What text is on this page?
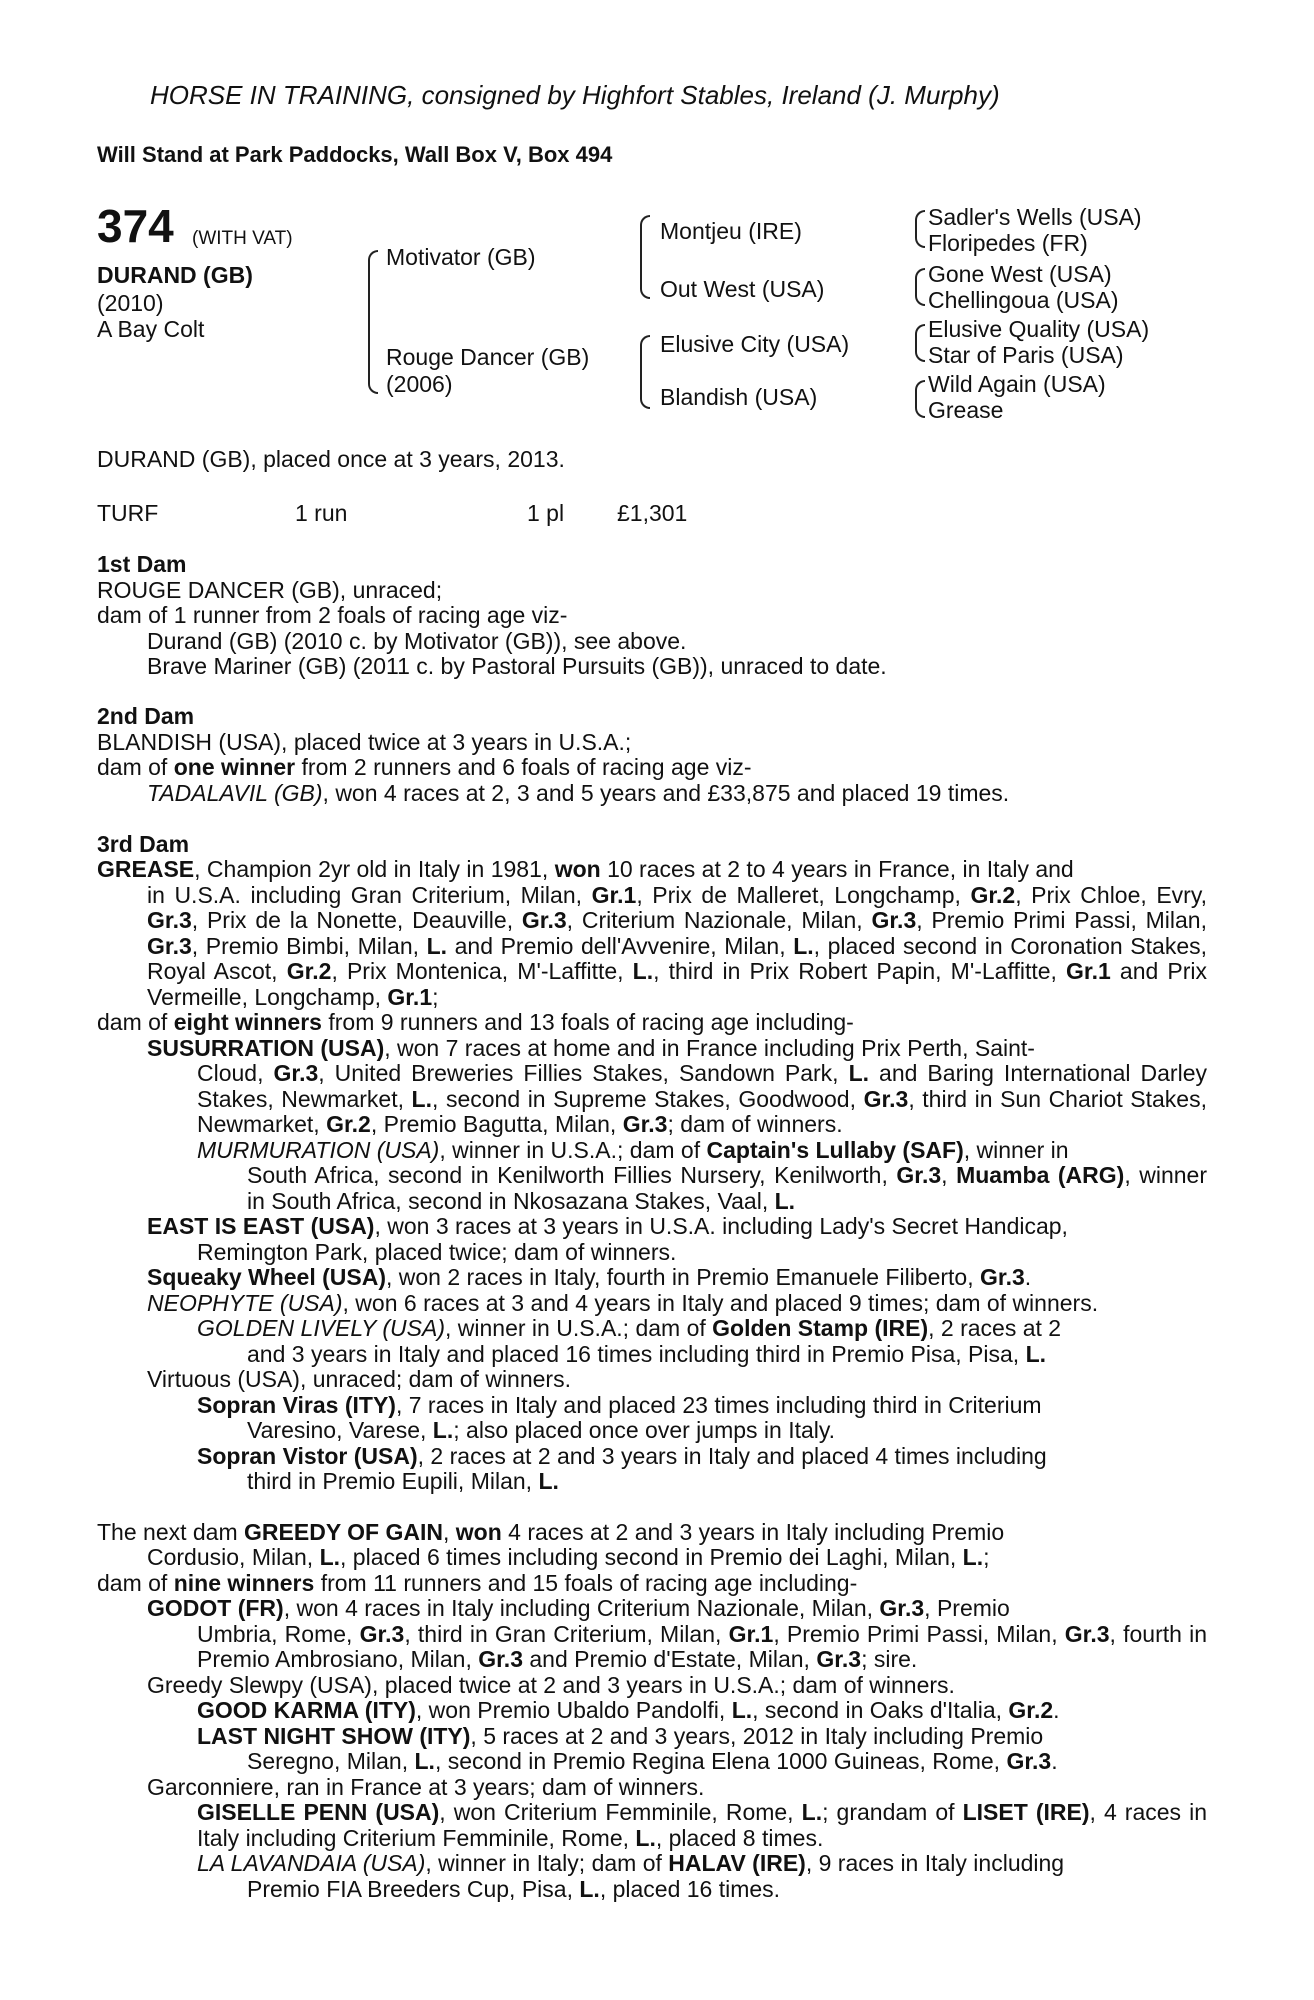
HORSE IN TRAINING, consigned by Highfort Stables, Ireland (J. Murphy)
Will Stand at Park Paddocks, Wall Box V, Box 494
374 (WITH VAT)
DURAND (GB)
(2010)
A Bay Colt
Motivator (GB)
Rouge Dancer (GB)
(2006)
Montjeu (IRE)
Out West (USA)
Elusive City (USA)
Blandish (USA)
Sadler's Wells (USA)
Floripedes (FR)
Gone West (USA)
Chellingoua (USA)
Elusive Quality (USA)
Star of Paris (USA)
Wild Again (USA)
Grease
DURAND (GB), placed once at 3 years, 2013.
TURF	1 run	1 pl £1,301
1st Dam
ROUGE DANCER (GB), unraced;
dam of 1 runner from 2 foals of racing age viz-
Durand (GB) (2010 c. by Motivator (GB)), see above.
Brave Mariner (GB) (2011 c. by Pastoral Pursuits (GB)), unraced to date.
2nd Dam
BLANDISH (USA), placed twice at 3 years in U.S.A.;
dam of one winner from 2 runners and 6 foals of racing age viz-
TADALAVIL (GB), won 4 races at 2, 3 and 5 years and £33,875 and placed 19 times.
3rd Dam
GREASE, Champion 2yr old in Italy in 1981, won 10 races at 2 to 4 years in France, in Italy and
in U.S.A. including Gran Criterium, Milan, Gr.1, Prix de Malleret, Longchamp, Gr.2, Prix Chloe, Evry, Gr.3, Prix de la Nonette, Deauville, Gr.3, Criterium Nazionale, Milan, Gr.3, Premio Primi Passi, Milan, Gr.3, Premio Bimbi, Milan, L. and Premio dell'Avvenire, Milan, L., placed second in Coronation Stakes, Royal Ascot, Gr.2, Prix Montenica, M'-Laffitte, L., third in Prix Robert Papin, M'-Laffitte, Gr.1 and Prix Vermeille, Longchamp, Gr.1;
dam of eight winners from 9 runners and 13 foals of racing age including-
SUSURRATION (USA), won 7 races at home and in France including Prix Perth, Saint-
Cloud, Gr.3, United Breweries Fillies Stakes, Sandown Park, L. and Baring International Darley Stakes, Newmarket, L., second in Supreme Stakes, Goodwood, Gr.3, third in Sun Chariot Stakes, Newmarket, Gr.2, Premio Bagutta, Milan, Gr.3; dam of winners.
MURMURATION (USA), winner in U.S.A.; dam of Captain's Lullaby (SAF), winner in
South Africa, second in Kenilworth Fillies Nursery, Kenilworth, Gr.3, Muamba (ARG), winner in South Africa, second in Nkosazana Stakes, Vaal, L.
EAST IS EAST (USA), won 3 races at 3 years in U.S.A. including Lady's Secret Handicap,
Remington Park, placed twice; dam of winners.
Squeaky Wheel (USA), won 2 races in Italy, fourth in Premio Emanuele Filiberto, Gr.3.
NEOPHYTE (USA), won 6 races at 3 and 4 years in Italy and placed 9 times; dam of winners.
GOLDEN LIVELY (USA), winner in U.S.A.; dam of Golden Stamp (IRE), 2 races at 2
and 3 years in Italy and placed 16 times including third in Premio Pisa, Pisa, L.
Virtuous (USA), unraced; dam of winners.
Sopran Viras (ITY), 7 races in Italy and placed 23 times including third in Criterium
Varesino, Varese, L.; also placed once over jumps in Italy.
Sopran Vistor (USA), 2 races at 2 and 3 years in Italy and placed 4 times including
third in Premio Eupili, Milan, L.
The next dam GREEDY OF GAIN, won 4 races at 2 and 3 years in Italy including Premio
Cordusio, Milan, L., placed 6 times including second in Premio dei Laghi, Milan, L.;
dam of nine winners from 11 runners and 15 foals of racing age including-
GODOT (FR), won 4 races in Italy including Criterium Nazionale, Milan, Gr.3, Premio
Umbria, Rome, Gr.3, third in Gran Criterium, Milan, Gr.1, Premio Primi Passi, Milan, Gr.3, fourth in Premio Ambrosiano, Milan, Gr.3 and Premio d'Estate, Milan, Gr.3; sire.
Greedy Slewpy (USA), placed twice at 2 and 3 years in U.S.A.; dam of winners.
GOOD KARMA (ITY), won Premio Ubaldo Pandolfi, L., second in Oaks d'Italia, Gr.2.
LAST NIGHT SHOW (ITY), 5 races at 2 and 3 years, 2012 in Italy including Premio
Seregno, Milan, L., second in Premio Regina Elena 1000 Guineas, Rome, Gr.3.
Garconniere, ran in France at 3 years; dam of winners.
GISELLE PENN (USA), won Criterium Femminile, Rome, L.; grandam of LISET (IRE), 4 races in Italy including Criterium Femminile, Rome, L., placed 8 times.
LA LAVANDAIA (USA), winner in Italy; dam of HALAV (IRE), 9 races in Italy including
Premio FIA Breeders Cup, Pisa, L., placed 16 times.
